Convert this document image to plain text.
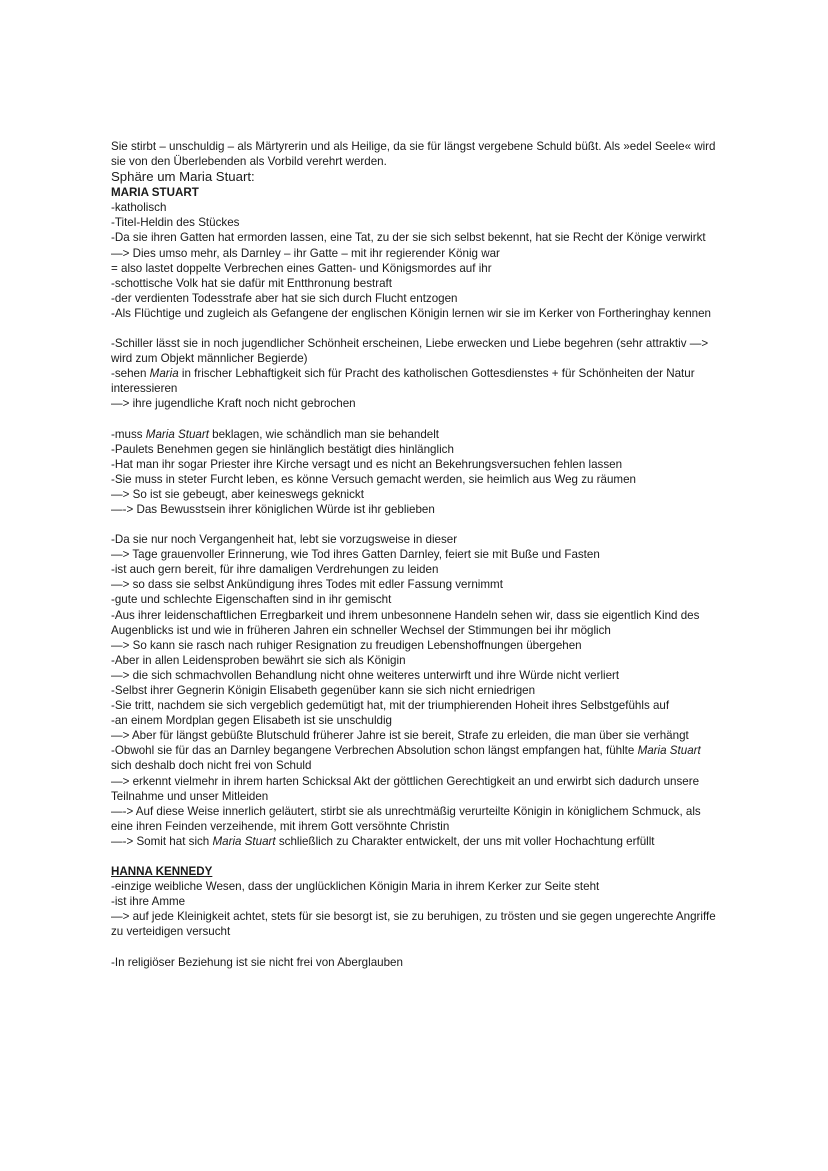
Sie stirbt – unschuldig – als Märtyrerin und als Heilige, da sie für längst vergebene Schuld büßt. Als »edel Seele« wird sie von den Überlebenden als Vorbild verehrt werden.

Sphäre um Maria Stuart:

MARIA STUART

-katholisch

-Titel-Heldin des Stückes

-Da sie ihren Gatten hat ermorden lassen, eine Tat, zu der sie sich selbst bekennt, hat sie Recht der Könige verwirkt

—> Dies umso mehr, als Darnley – ihr Gatte – mit ihr regierender König war

= also lastet doppelte Verbrechen eines Gatten- und Königsmordes auf ihr

-schottische Volk hat sie dafür mit Entthronung bestraft

-der verdienten Todesstrafe aber hat sie sich durch Flucht entzogen

-Als Flüchtige und zugleich als Gefangene der englischen Königin lernen wir sie im Kerker von Fortheringhay kennen

-Schiller lässt sie in noch jugendlicher Schönheit erscheinen, Liebe erwecken und Liebe begehren (sehr attraktiv —> wird zum Objekt männlicher Begierde)

-sehen Maria in frischer Lebhaftigkeit sich für Pracht des katholischen Gottesdienstes + für Schönheiten der Natur interessieren

—> ihre jugendliche Kraft noch nicht gebrochen

-muss Maria Stuart beklagen, wie schändlich man sie behandelt

-Paulets Benehmen gegen sie hinlänglich bestätigt dies hinlänglich

-Hat man ihr sogar Priester ihre Kirche versagt und es nicht an Bekehrungsversuchen fehlen lassen

-Sie muss in steter Furcht leben, es könne Versuch gemacht werden, sie heimlich aus Weg zu räumen

—> So ist sie gebeugt, aber keineswegs geknickt

—-> Das Bewusstsein ihrer königlichen Würde ist ihr geblieben

-Da sie nur noch Vergangenheit hat, lebt sie vorzugsweise in dieser

—> Tage grauenvoller Erinnerung, wie Tod ihres Gatten Darnley, feiert sie mit Buße und Fasten

-ist auch gern bereit, für ihre damaligen Verdrehungen zu leiden

—> so dass sie selbst Ankündigung ihres Todes mit edler Fassung vernimmt

-gute und schlechte Eigenschaften sind in ihr gemischt

-Aus ihrer leidenschaftlichen Erregbarkeit und ihrem unbesonnene Handeln sehen wir, dass sie eigentlich Kind des Augenblicks ist und wie in früheren Jahren ein schneller Wechsel der Stimmungen bei ihr möglich

—> So kann sie rasch nach ruhiger Resignation zu freudigen Lebenshoffnungen übergehen

-Aber in allen Leidensproben bewährt sie sich als Königin

—> die sich schmachvollen Behandlung nicht ohne weiteres unterwirft und ihre Würde nicht verliert

-Selbst ihrer Gegnerin Königin Elisabeth gegenüber kann sie sich nicht erniedrigen

-Sie tritt, nachdem sie sich vergeblich gedemütigt hat, mit der triumphierenden Hoheit ihres Selbstgefühls auf

-an einem Mordplan gegen Elisabeth ist sie unschuldig

—> Aber für längst gebüßte Blutschuld früherer Jahre ist sie bereit, Strafe zu erleiden, die man über sie verhängt

-Obwohl sie für das an Darnley begangene Verbrechen Absolution schon längst empfangen hat, fühlte Maria Stuart sich deshalb doch nicht frei von Schuld

—> erkennt vielmehr in ihrem harten Schicksal Akt der göttlichen Gerechtigkeit an und erwirbt sich dadurch unsere Teilnahme und unser Mitleiden

—-> Auf diese Weise innerlich geläutert, stirbt sie als unrechtmäßig verurteilte Königin in königlichem Schmuck, als eine ihren Feinden verzeihende, mit ihrem Gott versöhnte Christin

—-> Somit hat sich Maria Stuart schließlich zu Charakter entwickelt, der uns mit voller Hochachtung erfüllt

HANNA KENNEDY

-einzige weibliche Wesen, dass der unglücklichen Königin Maria in ihrem Kerker zur Seite steht

-ist ihre Amme

—> auf jede Kleinigkeit achtet, stets für sie besorgt ist, sie zu beruhigen, zu trösten und sie gegen ungerechte Angriffe zu verteidigen versucht

-In religiöser Beziehung ist sie nicht frei von Aberglauben
